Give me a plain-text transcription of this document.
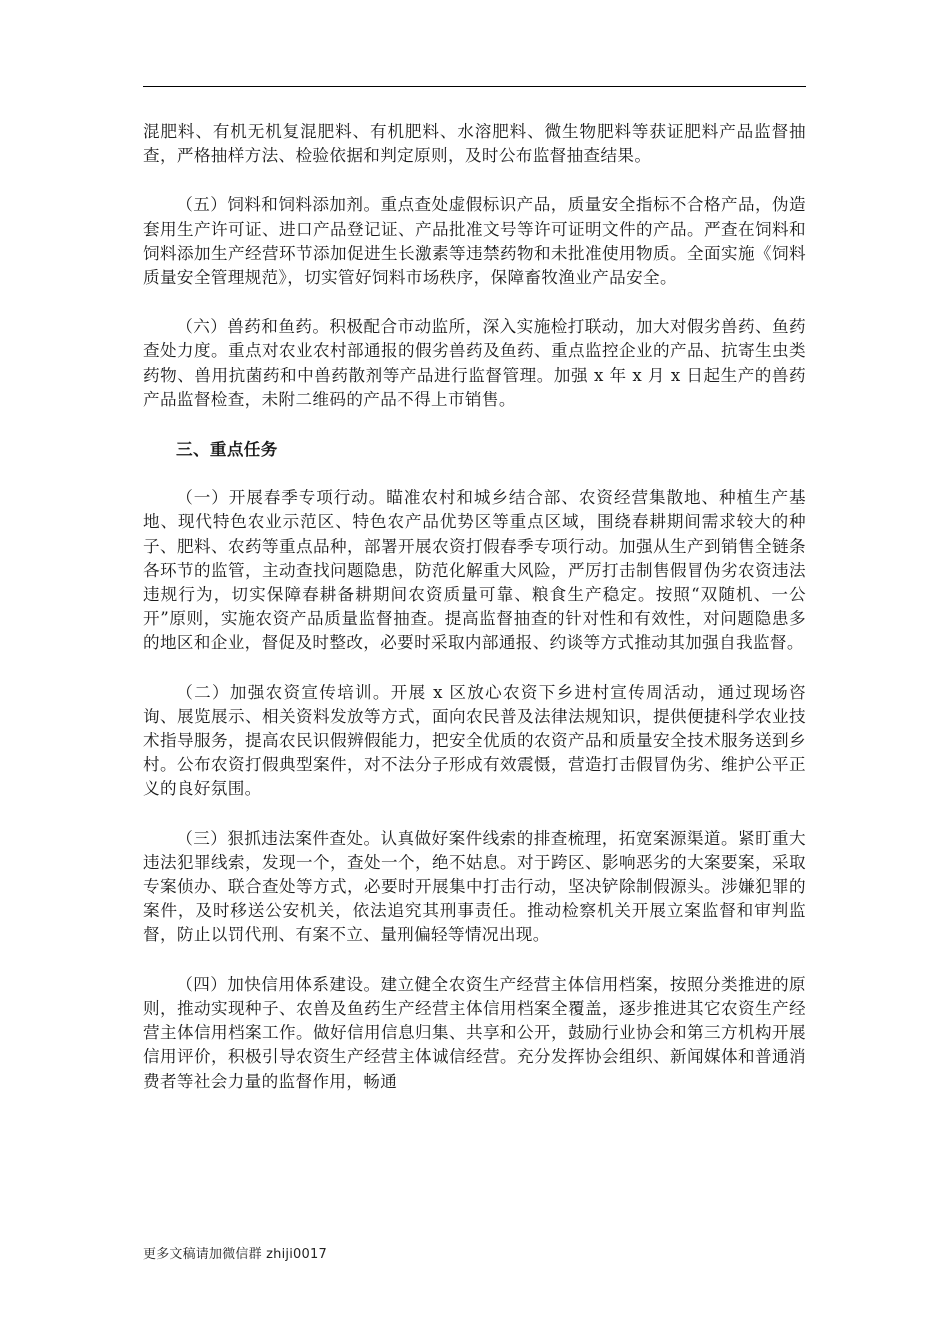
混肥料、有机无机复混肥料、有机肥料、水溶肥料、微生物肥料等获证肥料产品监督抽查，严格抽样方法、检验依据和判定原则，及时公布监督抽查结果。

（五）饲料和饲料添加剂。重点查处虚假标识产品，质量安全指标不合格产品，伪造套用生产许可证、进口产品登记证、产品批准文号等许可证明文件的产品。严查在饲料和饲料添加生产经营环节添加促进生长激素等违禁药物和未批准使用物质。全面实施《饲料质量安全管理规范》，切实管好饲料市场秩序，保障畜牧渔业产品安全。

（六）兽药和鱼药。积极配合市动监所，深入实施检打联动，加大对假劣兽药、鱼药查处力度。重点对农业农村部通报的假劣兽药及鱼药、重点监控企业的产品、抗寄生虫类药物、兽用抗菌药和中兽药散剂等产品进行监督管理。加强 x 年 x 月 x 日起生产的兽药产品监督检查，未附二维码的产品不得上市销售。

三、重点任务

（一）开展春季专项行动。瞄准农村和城乡结合部、农资经营集散地、种植生产基地、现代特色农业示范区、特色农产品优势区等重点区域，围绕春耕期间需求较大的种子、肥料、农药等重点品种，部署开展农资打假春季专项行动。加强从生产到销售全链条各环节的监管，主动查找问题隐患，防范化解重大风险，严厉打击制售假冒伪劣农资违法违规行为，切实保障春耕备耕期间农资质量可靠、粮食生产稳定。按照“双随机、一公开”原则，实施农资产品质量监督抽查。提高监督抽查的针对性和有效性，对问题隐患多的地区和企业，督促及时整改，必要时采取内部通报、约谈等方式推动其加强自我监督。

（二）加强农资宣传培训。开展 x 区放心农资下乡进村宣传周活动，通过现场咨询、展览展示、相关资料发放等方式，面向农民普及法律法规知识，提供便捷科学农业技术指导服务，提高农民识假辨假能力，把安全优质的农资产品和质量安全技术服务送到乡村。公布农资打假典型案件，对不法分子形成有效震慑，营造打击假冒伪劣、维护公平正义的良好氛围。

（三）狠抓违法案件查处。认真做好案件线索的排查梳理，拓宽案源渠道。紧盯重大违法犯罪线索，发现一个，查处一个，绝不姑息。对于跨区、影响恶劣的大案要案，采取专案侦办、联合查处等方式，必要时开展集中打击行动，坚决铲除制假源头。涉嫌犯罪的案件，及时移送公安机关，依法追究其刑事责任。推动检察机关开展立案监督和审判监督，防止以罚代刑、有案不立、量刑偏轻等情况出现。

（四）加快信用体系建设。建立健全农资生产经营主体信用档案，按照分类推进的原则，推动实现种子、农兽及鱼药生产经营主体信用档案全覆盖，逐步推进其它农资生产经营主体信用档案工作。做好信用信息归集、共享和公开，鼓励行业协会和第三方机构开展信用评价，积极引导农资生产经营主体诚信经营。充分发挥协会组织、新闻媒体和普通消费者等社会力量的监督作用，畅通

更多文稿请加微信群 zhiji0017
